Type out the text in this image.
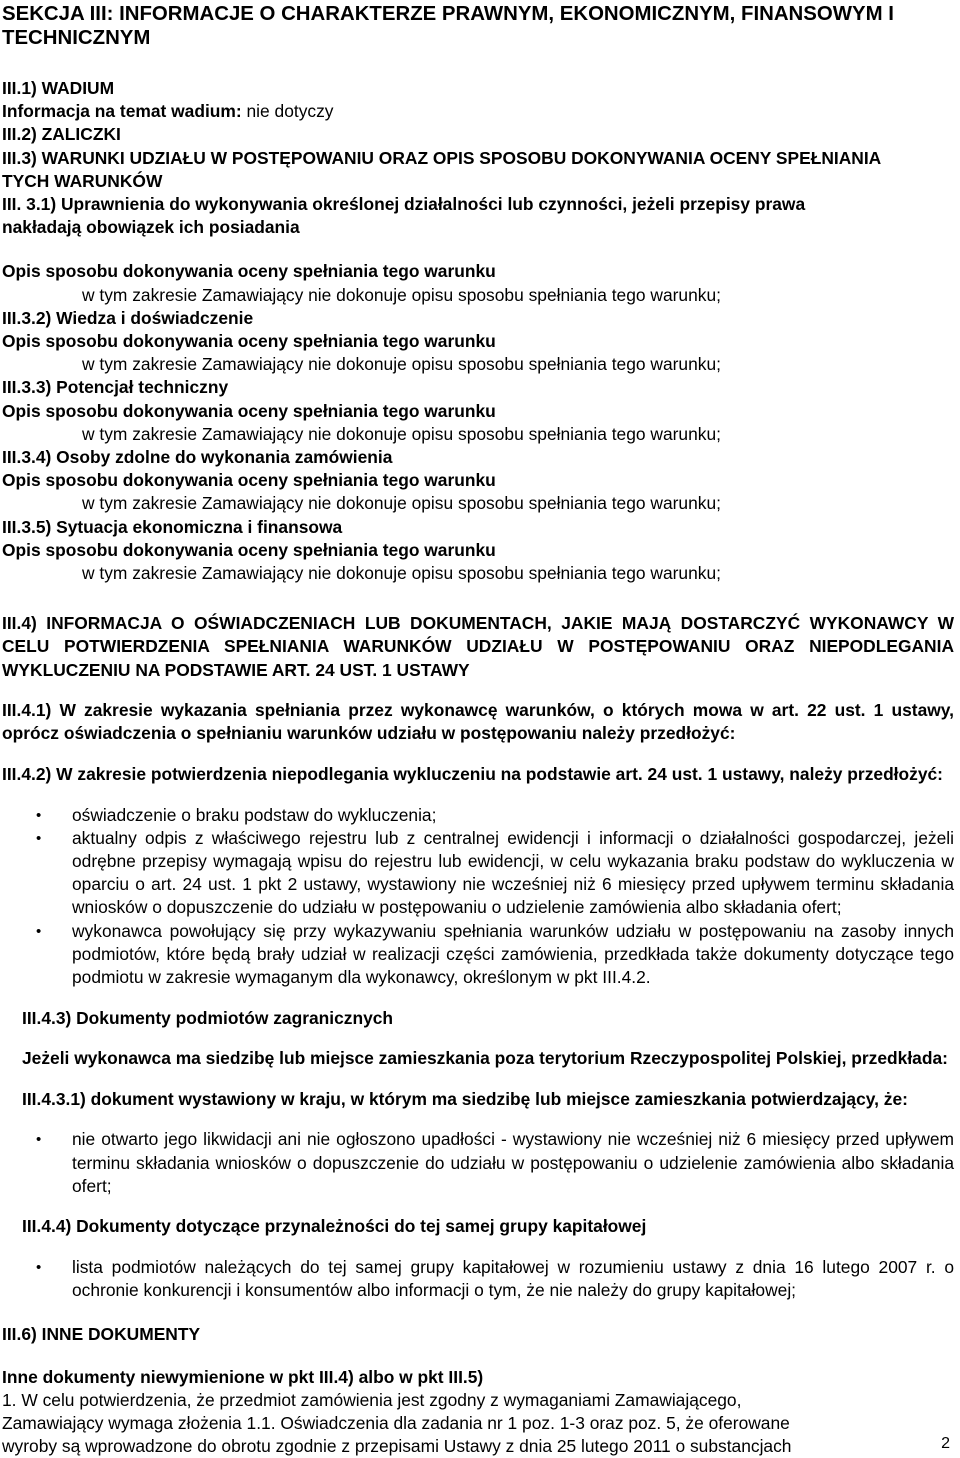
SEKCJA III: INFORMACJE O CHARAKTERZE PRAWNYM, EKONOMICZNYM, FINANSOWYM I TECHNICZNYM

III.1) WADIUM

Informacja na temat wadium: nie dotyczy

III.2) ZALICZKI

III.3) WARUNKI UDZIAŁU W POSTĘPOWANIU ORAZ OPIS SPOSOBU DOKONYWANIA OCENY SPEŁNIANIA TYCH WARUNKÓW

III. 3.1) Uprawnienia do wykonywania określonej działalności lub czynności, jeżeli przepisy prawa

nakładają obowiązek ich posiadania

Opis sposobu dokonywania oceny spełniania tego warunku

w tym zakresie Zamawiający nie dokonuje opisu sposobu spełniania tego warunku;

III.3.2) Wiedza i doświadczenie

Opis sposobu dokonywania oceny spełniania tego warunku

w tym zakresie Zamawiający nie dokonuje opisu sposobu spełniania tego warunku;

III.3.3) Potencjał techniczny

Opis sposobu dokonywania oceny spełniania tego warunku

w tym zakresie Zamawiający nie dokonuje opisu sposobu spełniania tego warunku;

III.3.4) Osoby zdolne do wykonania zamówienia

Opis sposobu dokonywania oceny spełniania tego warunku

w tym zakresie Zamawiający nie dokonuje opisu sposobu spełniania tego warunku;

III.3.5) Sytuacja ekonomiczna i finansowa

Opis sposobu dokonywania oceny spełniania tego warunku

w tym zakresie Zamawiający nie dokonuje opisu sposobu spełniania tego warunku;

III.4) INFORMACJA O OŚWIADCZENIACH LUB DOKUMENTACH, JAKIE MAJĄ DOSTARCZYĆ WYKONAWCY W CELU POTWIERDZENIA SPEŁNIANIA WARUNKÓW UDZIAŁU W POSTĘPOWANIU ORAZ NIEPODLEGANIA WYKLUCZENIU NA PODSTAWIE ART. 24 UST. 1 USTAWY

III.4.1) W zakresie wykazania spełniania przez wykonawcę warunków, o których mowa w art. 22 ust. 1 ustawy, oprócz oświadczenia o spełnianiu warunków udziału w postępowaniu należy przedłożyć:

III.4.2) W zakresie potwierdzenia niepodlegania wykluczeniu na podstawie art. 24 ust. 1 ustawy, należy przedłożyć:

• oświadczenie o braku podstaw do wykluczenia;
• aktualny odpis z właściwego rejestru lub z centralnej ewidencji i informacji o działalności gospodarczej, jeżeli odrębne przepisy wymagają wpisu do rejestru lub ewidencji, w celu wykazania braku podstaw do wykluczenia w oparciu o art. 24 ust. 1 pkt 2 ustawy, wystawiony nie wcześniej niż 6 miesięcy przed upływem terminu składania wniosków o dopuszczenie do udziału w postępowaniu o udzielenie zamówienia albo składania ofert;
• wykonawca powołujący się przy wykazywaniu spełniania warunków udziału w postępowaniu na zasoby innych podmiotów, które będą brały udział w realizacji części zamówienia, przedkłada także dokumenty dotyczące tego podmiotu w zakresie wymaganym dla wykonawcy, określonym w pkt III.4.2.

III.4.3) Dokumenty podmiotów zagranicznych

Jeżeli wykonawca ma siedzibę lub miejsce zamieszkania poza terytorium Rzeczypospolitej Polskiej, przedkłada:

III.4.3.1) dokument wystawiony w kraju, w którym ma siedzibę lub miejsce zamieszkania potwierdzający, że:

• nie otwarto jego likwidacji ani nie ogłoszono upadłości - wystawiony nie wcześniej niż 6 miesięcy przed upływem terminu składania wniosków o dopuszczenie do udziału w postępowaniu o udzielenie zamówienia albo składania ofert;

III.4.4) Dokumenty dotyczące przynależności do tej samej grupy kapitałowej

• lista podmiotów należących do tej samej grupy kapitałowej w rozumieniu ustawy z dnia 16 lutego 2007 r. o ochronie konkurencji i konsumentów albo informacji o tym, że nie należy do grupy kapitałowej;

III.6) INNE DOKUMENTY

Inne dokumenty niewymienione w pkt III.4) albo w pkt III.5)

1. W celu potwierdzenia, że przedmiot zamówienia jest zgodny z wymaganiami Zamawiającego,

Zamawiający wymaga złożenia 1.1. Oświadczenia dla zadania nr 1 poz. 1-3 oraz poz. 5, że oferowane

wyroby są wprowadzone do obrotu zgodnie z przepisami Ustawy z dnia 25 lutego 2011 o substancjach	2
